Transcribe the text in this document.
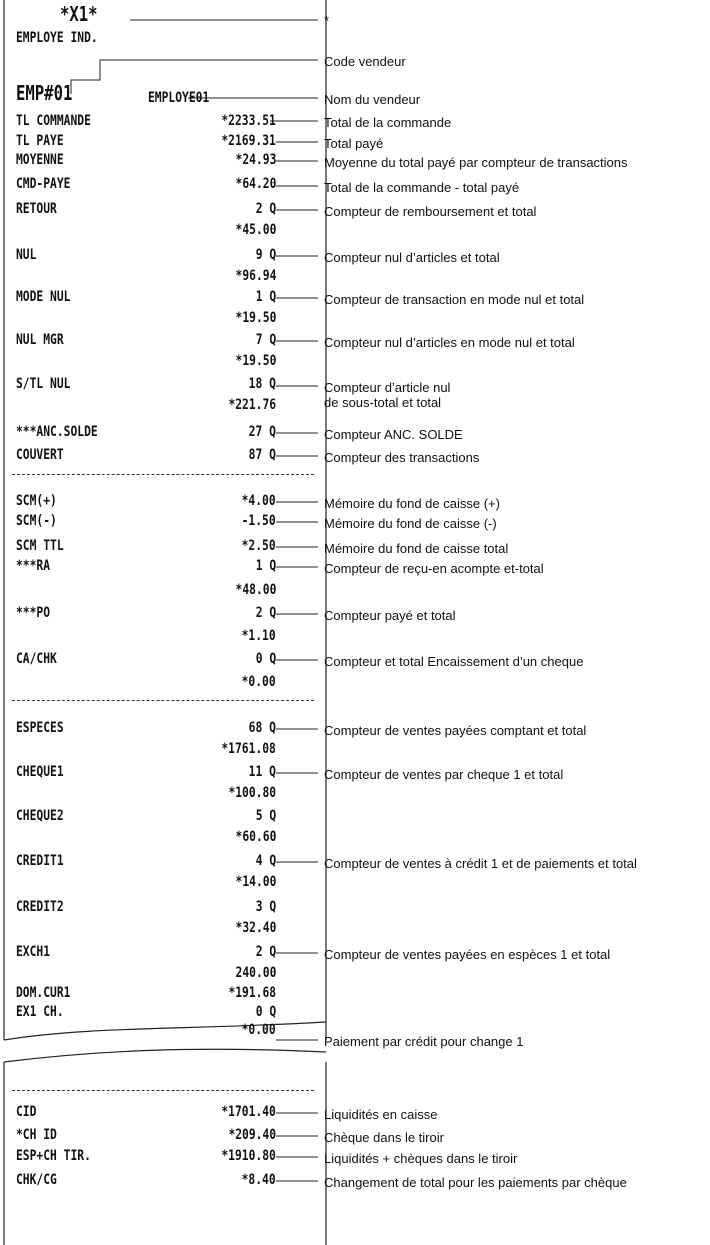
*X1*
EMPLOYE IND.
EMP#01	EMPLOYE01
TL COMMANDE	*2233.51
TL PAYE	*2169.31
MOYENNE	*24.93
CMD-PAYE	*64.20
RETOUR	2 Q
*45.00
NUL	9 Q
*96.94
MODE NUL	1 Q
*19.50
NUL MGR	7 Q
*19.50
S/TL NUL	18 Q
*221.76
***ANC.SOLDE	27 Q
COUVERT	87 Q
SCM(+)	*4.00
SCM(-)	-1.50
SCM TTL	*2.50
***RA	1 Q
*48.00
***PO	2 Q
*1.10
CA/CHK	0 Q
*0.00
ESPECES	68 Q
*1761.08
CHEQUE1	11 Q
*100.80
CHEQUE2	5 Q
*60.60
CREDIT1	4 Q
*14.00
CREDIT2	3 Q
*32.40
EXCH1	2 Q
240.00
DOM.CUR1	*191.68
EX1 CH.	0 Q
*0.00
CID	*1701.40
*CH ID	*209.40
ESP+CH TIR.	*1910.80
CHK/CG	*8.40
*
Code vendeur
Nom du vendeur
Total de la commande
Total payé
Moyenne du total payé par compteur de transactions
Total de la commande - total payé
Compteur de remboursement et total
Compteur nul d’articles et total
Compteur de transaction en mode nul et total
Compteur nul d’articles en mode nul et total
Compteur d’article nul
de sous-total et total
Compteur ANC. SOLDE
Compteur des transactions
Mémoire du fond de caisse (+)
Mémoire du fond de caisse (-)
Mémoire du fond de caisse total
Compteur de reçu-en acompte et-total
Compteur payé et total
Compteur et total Encaissement d’un cheque
Compteur de ventes payées comptant et total
Compteur de ventes par cheque 1 et total
Compteur de ventes à crédit 1 et de paiements et total
Compteur de ventes payées en espèces 1 et total
Paiement par crédit pour change 1
Liquidités en caisse
Chèque dans le tiroir
Liquidités + chèques dans le tiroir
Changement de total pour les paiements par chèque
